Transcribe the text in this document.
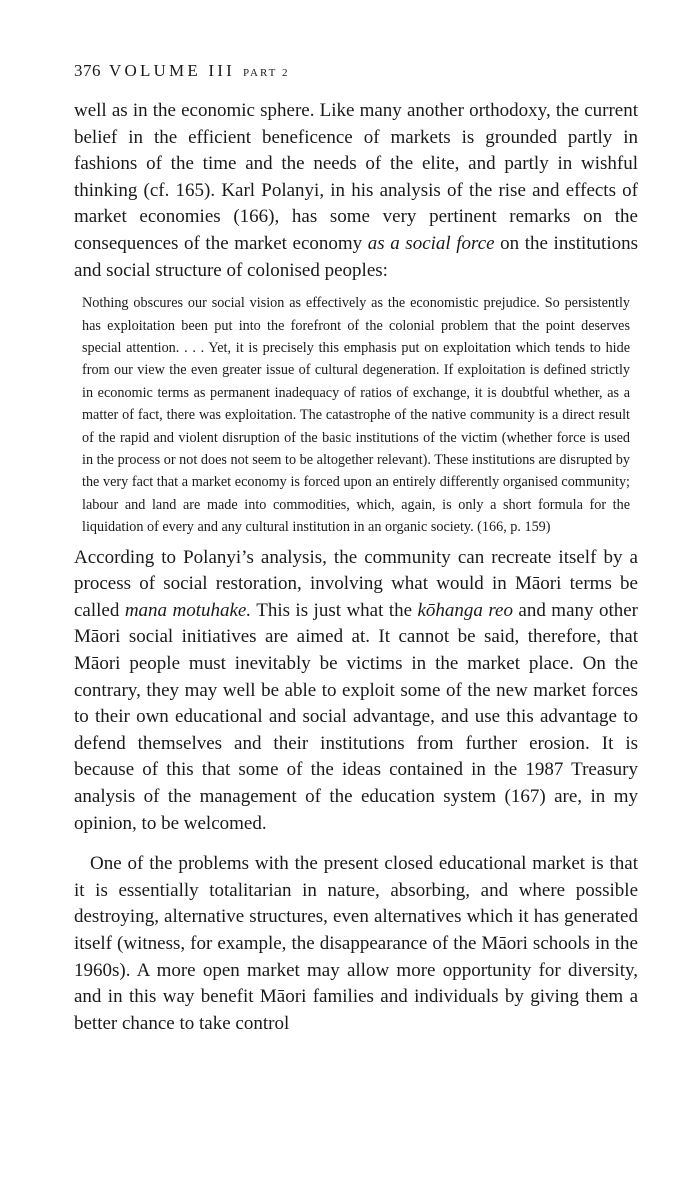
376 VOLUME III PART 2

well as in the economic sphere. Like many another orthodoxy, the current belief in the efficient beneficence of markets is grounded partly in fashions of the time and the needs of the elite, and partly in wishful thinking (cf. 165). Karl Polanyi, in his analysis of the rise and effects of market economies (166), has some very pertinent remarks on the consequences of the market economy as a social force on the institutions and social structure of colonised peoples:

Nothing obscures our social vision as effectively as the economistic prejudice. So persistently has exploitation been put into the forefront of the colonial problem that the point deserves special attention. . . . Yet, it is precisely this emphasis put on exploitation which tends to hide from our view the even greater issue of cultural degeneration. If exploitation is defined strictly in economic terms as permanent inadequacy of ratios of exchange, it is doubtful whether, as a matter of fact, there was exploitation. The catastrophe of the native community is a direct result of the rapid and violent disruption of the basic institutions of the victim (whether force is used in the process or not does not seem to be altogether relevant). These institutions are disrupted by the very fact that a market economy is forced upon an entirely differently organised community; labour and land are made into commodities, which, again, is only a short formula for the liquidation of every and any cultural institution in an organic society. (166, p. 159)

According to Polanyi’s analysis, the community can recreate itself by a process of social restoration, involving what would in Māori terms be called mana motuhake. This is just what the kōhanga reo and many other Māori social initiatives are aimed at. It cannot be said, therefore, that Māori people must inevitably be victims in the market place. On the contrary, they may well be able to exploit some of the new market forces to their own educational and social advantage, and use this advantage to defend themselves and their institutions from further erosion. It is because of this that some of the ideas contained in the 1987 Treasury analysis of the management of the education system (167) are, in my opinion, to be welcomed.

One of the problems with the present closed educational market is that it is essentially totalitarian in nature, absorbing, and where possible destroying, alternative structures, even alternatives which it has generated itself (witness, for example, the disappearance of the Māori schools in the 1960s). A more open market may allow more opportunity for diversity, and in this way benefit Māori families and individuals by giving them a better chance to take control
